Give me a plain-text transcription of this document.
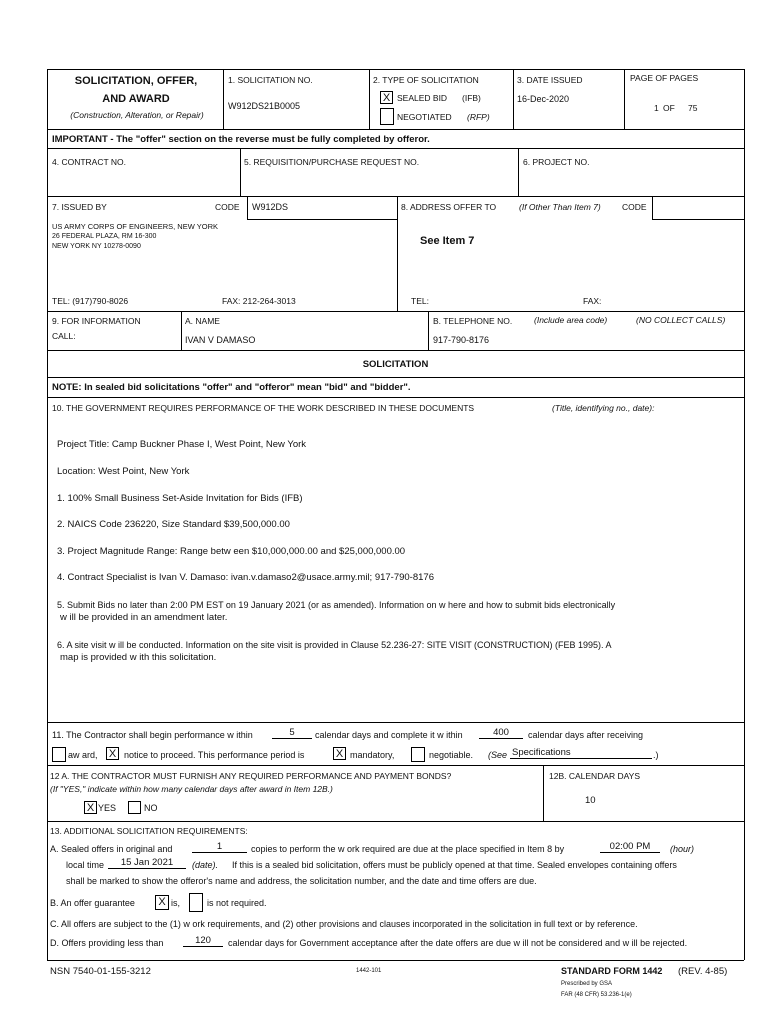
SOLICITATION, OFFER,
AND AWARD
(Construction, Alteration, or Repair)
1. SOLICITATION NO.
W912DS21B0005
2. TYPE OF SOLICITATION
X SEALED BID (IFB)
NEGOTIATED (RFP)
3. DATE ISSUED
16-Dec-2020
PAGE OF PAGES
1 OF 75
IMPORTANT - The "offer" section on the reverse must be fully completed by offeror.
4. CONTRACT NO.	5. REQUISITION/PURCHASE REQUEST NO.	6. PROJECT NO.
7. ISSUED BY	CODE W912DS	8. ADDRESS OFFER TO	(If Other Than Item 7)	CODE
US ARMY CORPS OF ENGINEERS, NEW YORK
26 FEDERAL PLAZA, RM 16-300
NEW YORK NY 10278-0090	See Item 7
TEL: (917)790-8026	FAX: 212-264-3013	TEL:	FAX:
9. FOR INFORMATION
CALL:
A. NAME
IVAN V DAMASO
B. TELEPHONE NO.	(Include area code)	(NO COLLECT CALLS)
917-790-8176
SOLICITATION
NOTE: In sealed bid solicitations "offer" and "offeror" mean "bid" and "bidder".
10. THE GOVERNMENT REQUIRES PERFORMANCE OF THE WORK DESCRIBED IN THESE DOCUMENTS	(Title, identifying no., date):
Project Title: Camp Buckner Phase I, West Point, New York
Location: West Point, New York
1. 100% Small Business Set-Aside Invitation for Bids (IFB)
2. NAICS Code 236220, Size Standard $39,500,000.00
3. Project Magnitude Range: Range betw een $10,000,000.00 and $25,000,000.00
4. Contract Specialist is Ivan V. Damaso: ivan.v.damaso2@usace.army.mil; 917-790-8176
5. Submit Bids no later than 2:00 PM EST on 19 January 2021 (or as amended). Information on w here and how to submit bids electronically
w ill be provided in an amendment later.
6. A site visit w ill be conducted. Information on the site visit is provided in Clause 52.236-27: SITE VISIT (CONSTRUCTION) (FEB 1995). A
map is provided w ith this solicitation.
11. The Contractor shall begin performance w ithin	5	calendar days and complete it w ithin	400	calendar days after receiving
aw ard, X notice to proceed. This performance period is	X mandatory,	negotiable. (See Specifications	.)
12 A. THE CONTRACTOR MUST FURNISH ANY REQUIRED PERFORMANCE AND PAYMENT BONDS?
(If "YES," indicate within how many calendar days after award in Item 12B.)
X YES	NO
12B. CALENDAR DAYS
10
13. ADDITIONAL SOLICITATION REQUIREMENTS:
A. Sealed offers in original and	1	copies to perform the w ork required are due at the place specified in Item 8 by	02:00 PM	(hour)
local time	15 Jan 2021	(date). If this is a sealed bid solicitation, offers must be publicly opened at that time. Sealed envelopes containing offers
shall be marked to show the offeror's name and address, the solicitation number, and the date and time offers are due.
B. An offer guarantee	X is,	is not required.
C. All offers are subject to the (1) w ork requirements, and (2) other provisions and clauses incorporated in the solicitation in full text or by reference.
D. Offers providing less than	120	calendar days for Government acceptance after the date offers are due w ill not be considered and w ill be rejected.
NSN 7540-01-155-3212	1442-101	STANDARD FORM 1442 (REV. 4-85)
Prescribed by GSA
FAR (48 CFR) 53.236-1(e)
